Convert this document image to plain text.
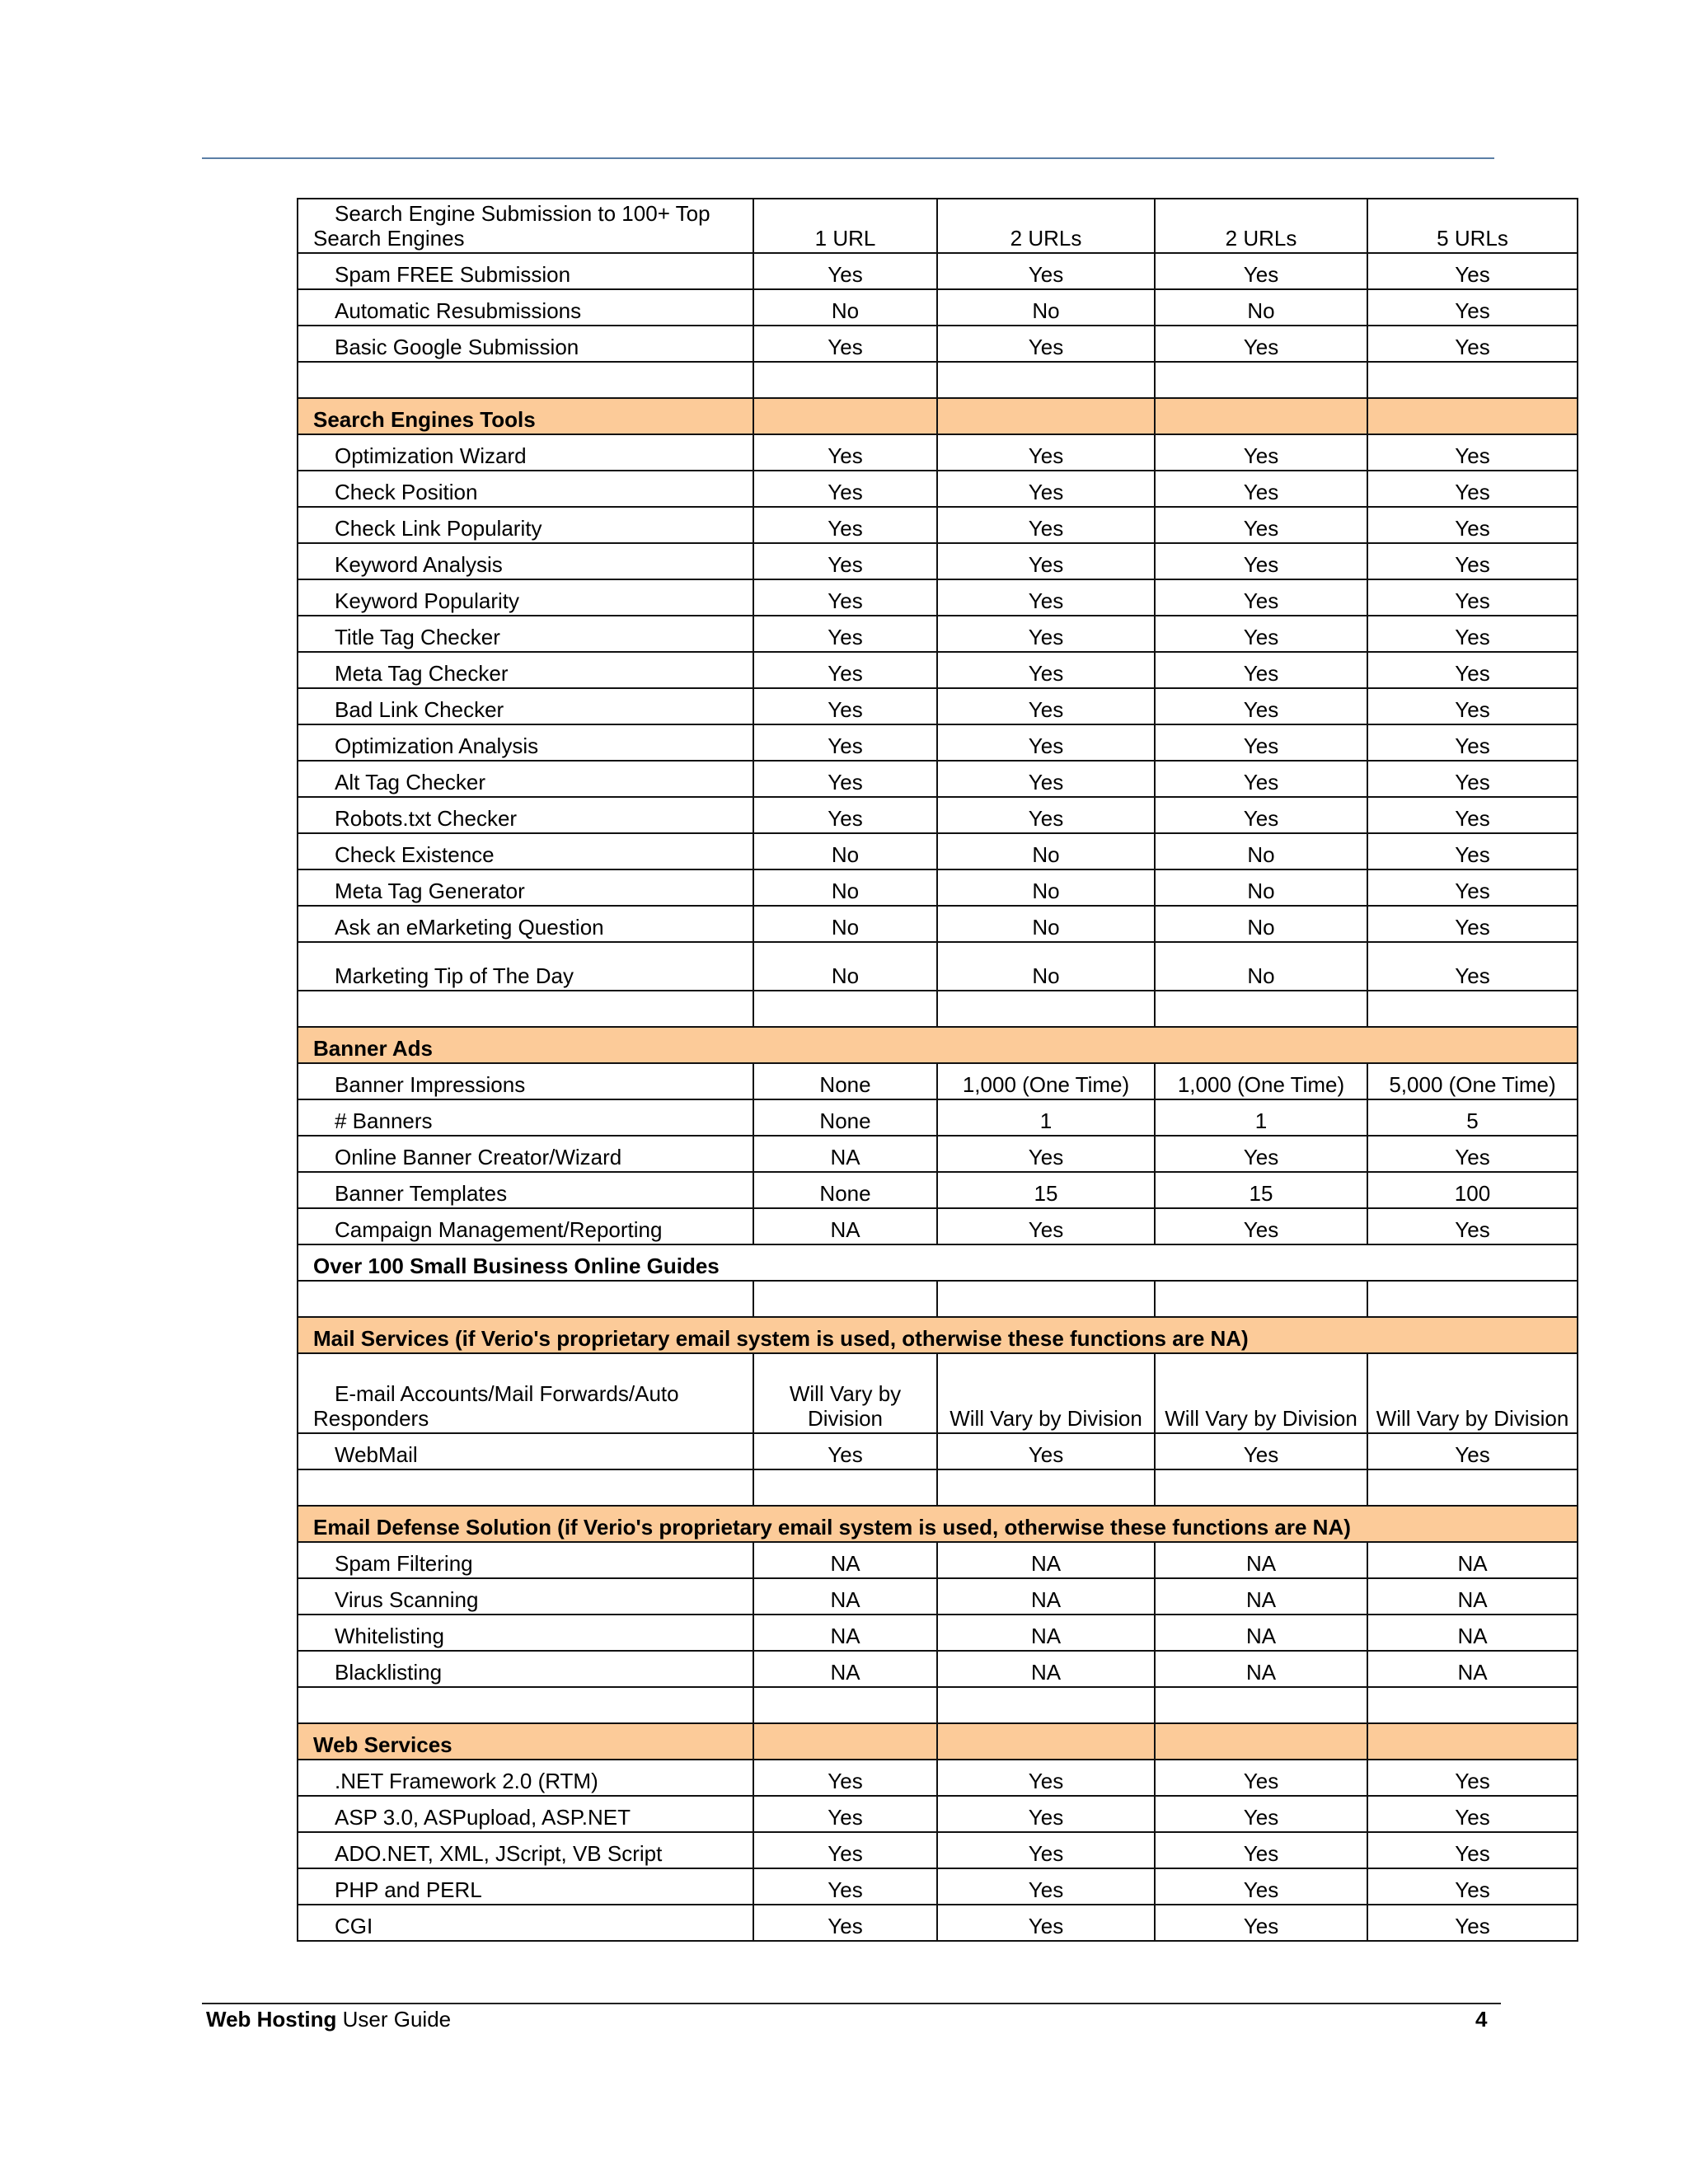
Search Engine Submission to 100+ Top Search Engines	1 URL	2 URLs	2 URLs	5 URLs
Spam FREE Submission	Yes	Yes	Yes	Yes
Automatic Resubmissions	No	No	No	Yes
Basic Google Submission	Yes	Yes	Yes	Yes

Search Engines Tools				
Optimization Wizard	Yes	Yes	Yes	Yes
Check Position	Yes	Yes	Yes	Yes
Check Link Popularity	Yes	Yes	Yes	Yes
Keyword Analysis	Yes	Yes	Yes	Yes
Keyword Popularity	Yes	Yes	Yes	Yes
Title Tag Checker	Yes	Yes	Yes	Yes
Meta Tag Checker	Yes	Yes	Yes	Yes
Bad Link Checker	Yes	Yes	Yes	Yes
Optimization Analysis	Yes	Yes	Yes	Yes
Alt Tag Checker	Yes	Yes	Yes	Yes
Robots.txt Checker	Yes	Yes	Yes	Yes
Check Existence	No	No	No	Yes
Meta Tag Generator	No	No	No	Yes
Ask an eMarketing Question	No	No	No	Yes
Marketing Tip of The Day	No	No	No	Yes

Banner Ads				
Banner Impressions	None	1,000 (One Time)	1,000 (One Time)	5,000 (One Time)
# Banners	None	1	1	5
Online Banner Creator/Wizard	NA	Yes	Yes	Yes
Banner Templates	None	15	15	100
Campaign Management/Reporting	NA	Yes	Yes	Yes
Over 100 Small Business Online Guides				

Mail Services (if Verio's proprietary email system is used, otherwise these functions are NA)				
E-mail Accounts/Mail Forwards/Auto Responders	Will Vary by Division	Will Vary by Division	Will Vary by Division	Will Vary by Division
WebMail	Yes	Yes	Yes	Yes

Email Defense Solution (if Verio's proprietary email system is used, otherwise these functions are NA)				
Spam Filtering	NA	NA	NA	NA
Virus Scanning	NA	NA	NA	NA
Whitelisting	NA	NA	NA	NA
Blacklisting	NA	NA	NA	NA

Web Services				
.NET Framework 2.0 (RTM)	Yes	Yes	Yes	Yes
ASP 3.0, ASPupload, ASP.NET	Yes	Yes	Yes	Yes
ADO.NET, XML, JScript, VB Script	Yes	Yes	Yes	Yes
PHP and PERL	Yes	Yes	Yes	Yes
CGI	Yes	Yes	Yes	Yes
Web Hosting User Guide	4
